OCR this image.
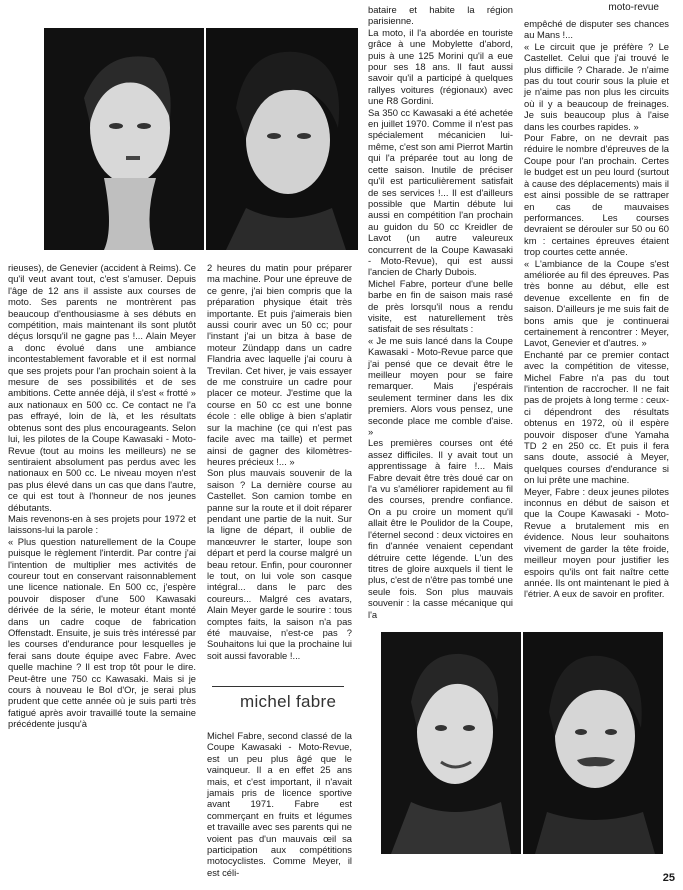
moto-revue
rieuses), de Genevier (accident à Reims). Ce qu'il veut avant tout, c'est s'amuser. Depuis l'âge de 12 ans il assiste aux courses de moto. Ses parents ne montrèrent pas beaucoup d'enthousiasme à ses débuts en compétition, mais maintenant ils sont plutôt déçus lorsqu'il ne gagne pas !... Alain Meyer a donc évolué dans une ambiance incontestablement favorable et il est normal que ses projets pour l'an prochain soient à la mesure de ses possibilités et de ses ambitions. Cette année déjà, il s'est « frotté » aux nationaux en 500 cc. Ce contact ne l'a pas effrayé, loin de là, et les résultats obtenus sont des plus encourageants. Selon lui, les pilotes de la Coupe Kawasaki - Moto-Revue (tout au moins les meilleurs) ne se sentiraient absolument pas perdus avec les nationaux en 500 cc. Le niveau moyen n'est pas plus élevé dans un cas que dans l'autre, ce qui est tout à l'honneur de nos jeunes débutants.
Mais revenons-en à ses projets pour 1972 et laissons-lui la parole :
« Plus question naturellement de la Coupe puisque le règlement l'interdit. Par contre j'ai l'intention de multiplier mes activités de coureur tout en conservant raisonnablement une licence nationale. En 500 cc, j'espère pouvoir disposer d'une 500 Kawasaki dérivée de la série, le moteur étant monté dans un cadre coque de fabrication Offenstadt. Ensuite, je suis très intéressé par les courses d'endurance pour lesquelles je ferai sans doute équipe avec Fabre. Avec quelle machine ? Il est trop tôt pour le dire. Peut-être une 750 cc Kawasaki. Mais si je cours à nouveau le Bol d'Or, je serai plus prudent que cette année où je suis parti très fatigué après avoir travaillé toute la semaine précédente jusqu'à
2 heures du matin pour préparer ma machine. Pour une épreuve de ce genre, j'ai bien compris que la préparation physique était très importante. Et puis j'aimerais bien aussi courir avec un 50 cc; pour l'instant j'ai un bitza à base de moteur Zündapp dans un cadre Flandria avec laquelle j'ai couru à Trevilan. Cet hiver, je vais essayer de me construire un cadre pour placer ce moteur. J'estime que la course en 50 cc est une bonne école : elle oblige à bien s'aplatir sur la machine (ce qui n'est pas facile avec ma taille) et permet ainsi de gagner des kilomètres-heures précieux !... »
Son plus mauvais souvenir de la saison ? La dernière course au Castellet. Son camion tombe en panne sur la route et il doit réparer pendant une partie de la nuit. Sur la ligne de départ, il oublie de manœuvrer le starter, loupe son départ et perd la course malgré un beau retour. Enfin, pour couronner le tout, on lui vole son casque intégral... dans le parc des coureurs... Malgré ces avatars, Alain Meyer garde le sourire : tous comptes faits, la saison n'a pas été mauvaise, n'est-ce pas ? Souhaitons lui que la prochaine lui soit aussi favorable !...
michel fabre
Michel Fabre, second classé de la Coupe Kawasaki - Moto-Revue, est un peu plus âgé que le vainqueur. Il a en effet 25 ans mais, et c'est important, il n'avait jamais pris de licence sportive avant 1971. Fabre est commerçant en fruits et légumes et travaille avec ses parents qui ne voient pas d'un mauvais œil sa participation aux compétitions motocyclistes. Comme Meyer, il est céli-
bataire et habite la région parisienne.
La moto, il l'a abordée en touriste grâce à une Mobylette d'abord, puis à une 125 Morini qu'il a eue pour ses 18 ans. Il faut aussi savoir qu'il a participé à quelques rallyes voitures (régionaux) avec une R8 Gordini.
Sa 350 cc Kawasaki a été achetée en juillet 1970. Comme il n'est pas spécialement mécanicien lui-même, c'est son ami Pierrot Martin qui l'a préparée tout au long de cette saison. Inutile de préciser qu'il est particulièrement satisfait de ses services !... Il est d'ailleurs possible que Martin débute lui aussi en compétition l'an prochain au guidon du 50 cc Kreidler de Lavot (un autre valeureux concurrent de la Coupe Kawasaki - Moto-Revue), qui est aussi l'ancien de Charly Dubois.
Michel Fabre, porteur d'une belle barbe en fin de saison mais rasé de près lorsqu'il nous a rendu visite, est naturellement très satisfait de ses résultats :
« Je me suis lancé dans la Coupe Kawasaki - Moto-Revue parce que j'ai pensé que ce devait être le meilleur moyen pour se faire remarquer. Mais j'espérais seulement terminer dans les dix premiers. Alors vous pensez, une seconde place me comble d'aise. »
Les premières courses ont été assez difficiles. Il y avait tout un apprentissage à faire !... Mais Fabre devait être très doué car on l'a vu s'améliorer rapidement au fil des courses, prendre confiance. On a pu croire un moment qu'il allait être le Poulidor de la Coupe, l'éternel second : deux victoires en fin d'année venaient cependant détruire cette légende. L'un des titres de gloire auxquels il tient le plus, c'est de n'être pas tombé une seule fois. Son plus mauvais souvenir : la casse mécanique qui l'a
empêché de disputer ses chances au Mans !...
« Le circuit que je préfère ? Le Castellet. Celui que j'ai trouvé le plus difficile ? Charade. Je n'aime pas du tout courir sous la pluie et je n'aime pas non plus les circuits où il y a beaucoup de freinages. Je suis beaucoup plus à l'aise dans les courbes rapides. »
Pour Fabre, on ne devrait pas réduire le nombre d'épreuves de la Coupe pour l'an prochain. Certes le budget est un peu lourd (surtout à cause des déplacements) mais il est ainsi possible de se rattraper en cas de mauvaises performances. Les courses devraient se dérouler sur 50 ou 60 km : certaines épreuves étaient trop courtes cette année.
« L'ambiance de la Coupe s'est améliorée au fil des épreuves. Pas très bonne au début, elle est devenue excellente en fin de saison. D'ailleurs je me suis fait de bons amis que je continuerai certainement à rencontrer : Meyer, Lavot, Genevier et d'autres. »
Enchanté par ce premier contact avec la compétition de vitesse, Michel Fabre n'a pas du tout l'intention de raccrocher. Il ne fait pas de projets à long terme : ceux-ci dépendront des résultats obtenus en 1972, où il espère pouvoir disposer d'une Yamaha TD 2 en 250 cc. Et puis il fera sans doute, associé à Meyer, quelques courses d'endurance si on lui prête une machine.
Meyer, Fabre : deux jeunes pilotes inconnus en début de saison et que la Coupe Kawasaki - Moto-Revue a brutalement mis en évidence. Nous leur souhaitons vivement de garder la tête froide, meilleur moyen pour justifier les espoirs qu'ils ont fait naître cette année. Ils ont maintenant le pied à l'étrier. A eux de savoir en profiter.
25
